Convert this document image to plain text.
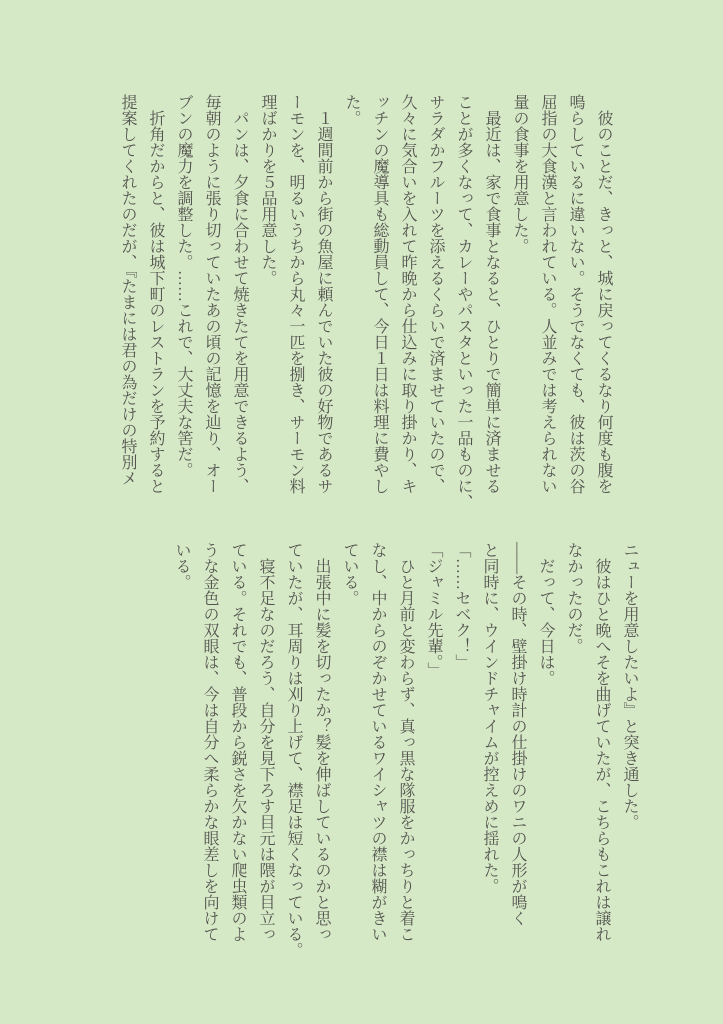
　彼のことだ、きっと、城に戻ってくるなり何度も腹を
鳴らしているに違いない。そうでなくても、彼は茨の谷
屈指の大食漢と言われている。人並みでは考えられない
量の食事を用意した。
　最近は、家で食事となると、ひとりで簡単に済ませる
ことが多くなって、カレーやパスタといった一品ものに、
サラダかフルーツを添えるくらいで済ませていたので、
久々に気合いを入れて昨晩から仕込みに取り掛かり、キ
ッチンの魔導具も総動員して、今日１日は料理に費やし
た。
　１週間前から街の魚屋に頼んでいた彼の好物であるサ
ーモンを、明るいうちから丸々一匹を捌き、サーモン料
理ばかりを５品用意した。
　パンは、夕食に合わせて焼きたてを用意できるよう、
毎朝のように張り切っていたあの頃の記憶を辿り、オー
ブンの魔力を調整した。……これで、大丈夫な筈だ。
　折角だからと、彼は城下町のレストランを予約すると
提案してくれたのだが、『たまには君の為だけの特別メ
ニューを用意したいよ』と突き通した。
　彼はひと晩へそを曲げていたが、こちらもこれは譲れ
なかったのだ。
　だって、今日は。
――その時、壁掛け時計の仕掛けのワニの人形が鳴く
と同時に、ウインドチャイムが控えめに揺れた。
「……セベク！」
「ジャミル先輩。」
　ひと月前と変わらず、真っ黒な隊服をかっちりと着こ
なし、中からのぞかせているワイシャツの襟は糊がきい
ている。
　出張中に髪を切ったか？髪を伸ばしているのかと思っ
ていたが、耳周りは刈り上げて、襟足は短くなっている。
　寝不足なのだろう、自分を見下ろす目元は隈が目立っ
ている。それでも、普段から鋭さを欠かない爬虫類のよ
うな金色の双眼は、今は自分へ柔らかな眼差しを向けて
いる。
